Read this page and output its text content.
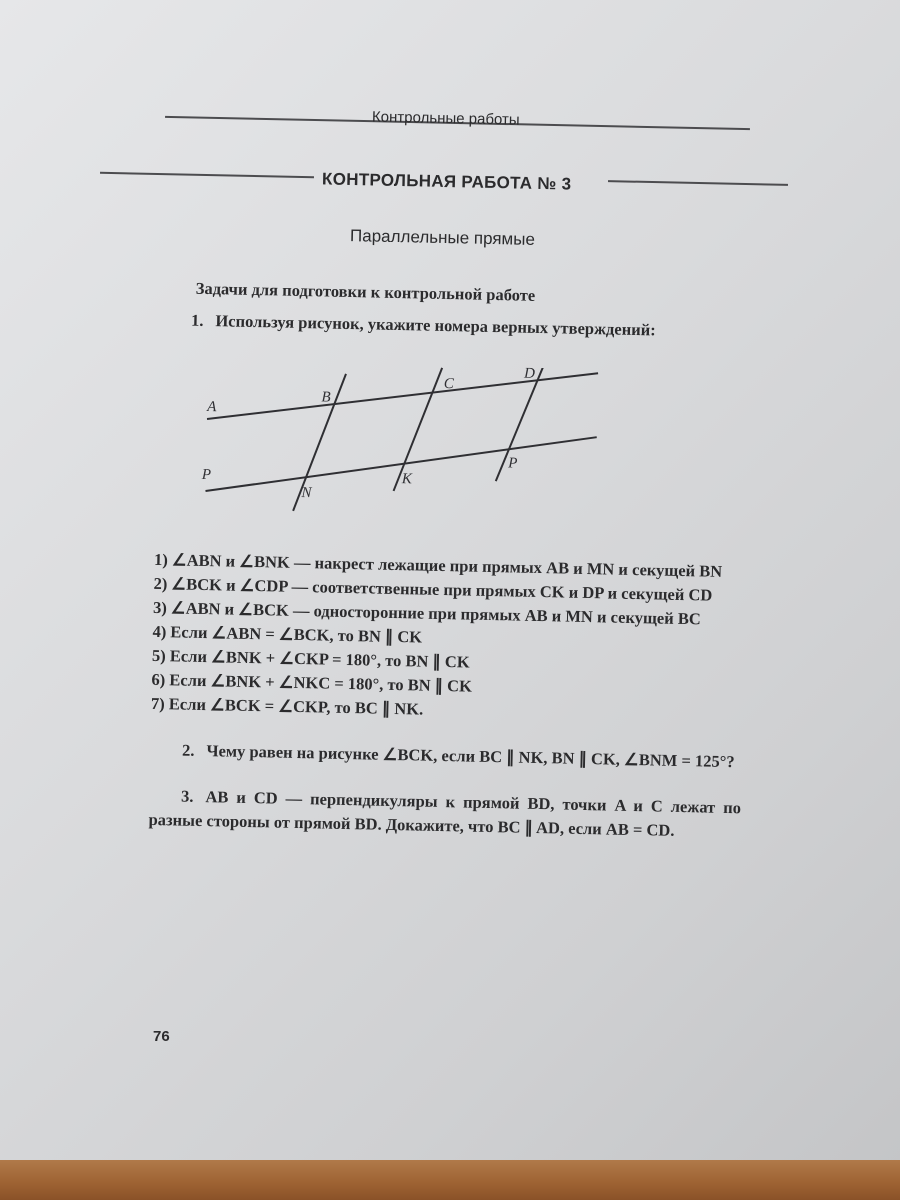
Контрольные работы
КОНТРОЛЬНАЯ РАБОТА № 3
Параллельные прямые
Задачи для подготовки к контрольной работе
1. Используя рисунок, укажите номера верных утверждений:
A
B
C
D
P
N
K
P
1) ∠ABN и ∠BNK — накрест лежащие при прямых AB и MN и секущей BN
2) ∠BCK и ∠CDP — соответственные при прямых CK и DP и секущей CD
3) ∠ABN и ∠BCK — односторонние при прямых AB и MN и секущей BC
4) Если ∠ABN = ∠BCK, то BN ∥ CK
5) Если ∠BNK + ∠CKP = 180°, то BN ∥ CK
6) Если ∠BNK + ∠NKC = 180°, то BN ∥ CK
7) Если ∠BCK = ∠CKP, то BC ∥ NK.
2. Чему равен на рисунке ∠BCK, если BC ∥ NK, BN ∥ CK, ∠BNM = 125°?
3. AB и CD — перпендикуляры к прямой BD, точки A и C лежат по разные стороны от прямой BD. Докажите, что BC ∥ AD, если AB = CD.
76
